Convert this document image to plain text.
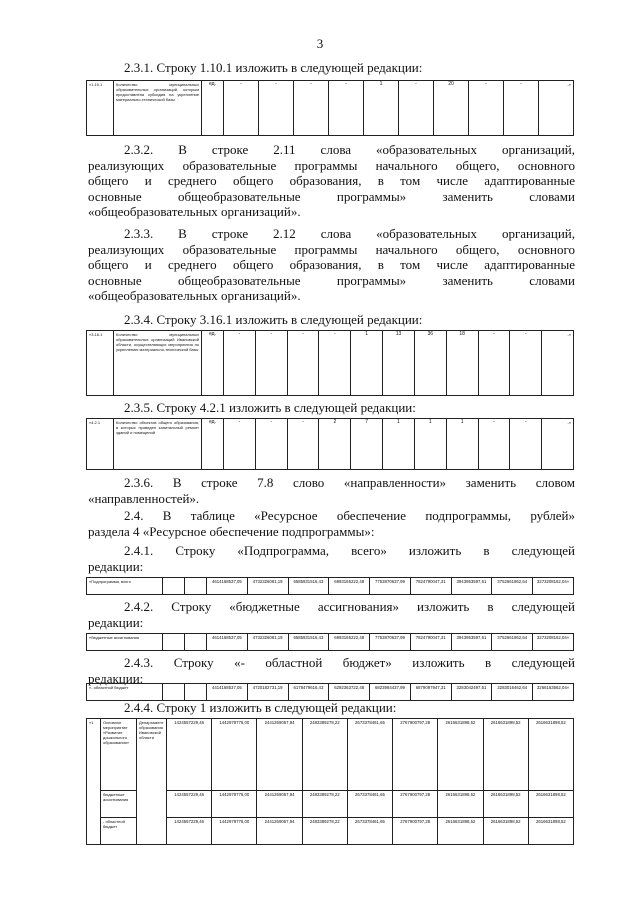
3
2.3.1. Строку 1.10.1 изложить в следующей редакции:
«1.10.1	Количество муниципальных образовательных организаций, которым предоставлена субсидия на укрепление материально-технической базы	ед.	-	-	-	-	1	-	20	-	-	-»
2.3.2. В строке 2.11 слова «образовательных организаций,
реализующих образовательные программы начального общего, основного
общего и среднего общего образования, в том числе адаптированные
основные общеобразовательные программы» заменить словами
«общеобразовательных организаций».
2.3.3. В строке 2.12 слова «образовательных организаций,
реализующих образовательные программы начального общего, основного
общего и среднего общего образования, в том числе адаптированные
основные общеобразовательные программы» заменить словами
«общеобразовательных организаций».
2.3.4. Строку 3.16.1 изложить в следующей редакции:
«3.16.1	Количество муниципальных образовательных организаций Ивановской области, осуществляющих мероприятия по укреплению материально-технической базы	ед.	-	-	-	-	1	13	36	18	-	-	-»
2.3.5. Строку 4.2.1 изложить в следующей редакции:
«4.2.1	Количество объектов общего образования, в которых проведен капитальный ремонт зданий и помещений	ед.	-	-	-	2	7	1	1	1	-	-	-»
2.3.6. В строке 7.8 слово «направленности» заменить словом
«направленностей».
2.4. В таблице «Ресурсное обеспечение подпрограммы, рублей»
раздела 4 «Ресурсное обеспечение подпрограммы»:
2.4.1. Строку «Подпрограмма, всего» изложить в следующей
редакции:
«Подпрограмма, всего			4614168537,05	4732326081,19	6585931516,43	6993165222,48	7753870637,99	7824790047,31	3943953597,51	3752661962,64	3273208162,04»
2.4.2. Строку «бюджетные ассигнования» изложить в следующей
редакции:
«бюджетные ассигнования			4614168537,05	4732326081,19	6585931516,43	6993165222,48	7753870637,99	7824790047,31	3943953597,51	3752661962,64	3273208162,04»
2.4.3. Строку «- областной бюджет» изложить в следующей
редакции:
«- областной бюджет			4414168537,05	4720182731,19	6178479616,43	6292363722,48	6823984437,99	6879097947,31	3283042497,51	3283016462,64	3266163562,04»
2.4.4. Строку 1 изложить в следующей редакции:
«1	Основное мероприятие «Развитие дошкольного образования»	Департамент образования Ивановской области	1424557229,46	1442979776,00	2441269057,94	2483389278,22	2673378461,65	2767900797,28	2616631898,52	2616631898,52	2616631898,52
	бюджетные ассигнования		1424557229,46	1442979776,00	2441269057,94	2483389278,22	2673378461,65	2767900797,28	2616631898,52	2616631898,52	2616631898,52
	- областной бюджет		1424557229,46	1442979776,00	2441269057,94	2483389278,22	2673378461,65	2767900797,28	2616631898,52	2616631898,52	2616631898,52
